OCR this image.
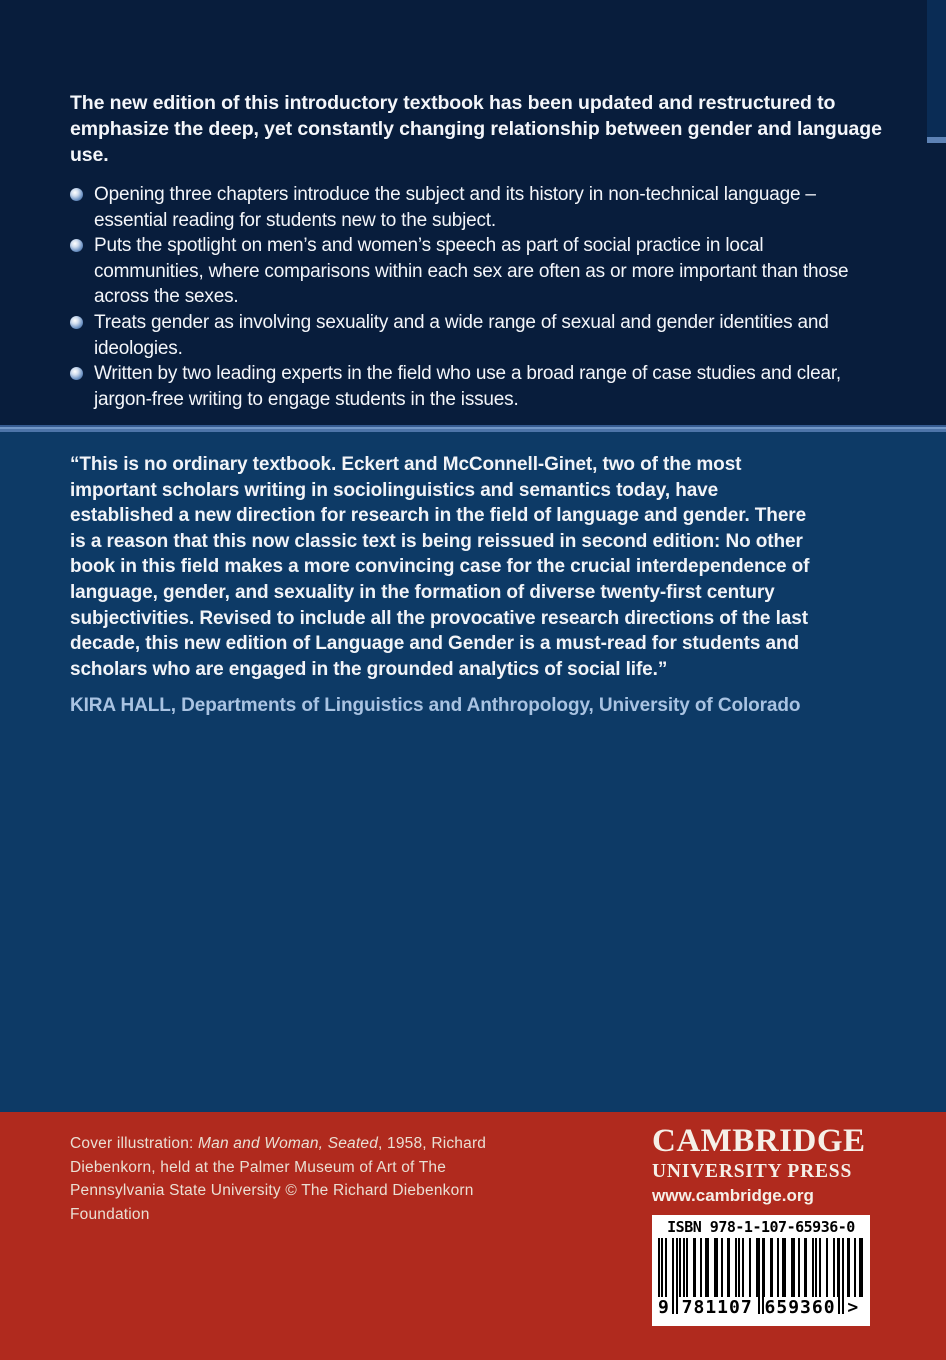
The new edition of this introductory textbook has been updated and restructured to emphasize the deep, yet constantly changing relationship between gender and language use.

Opening three chapters introduce the subject and its history in non-technical language – essential reading for students new to the subject.
Puts the spotlight on men’s and women’s speech as part of social practice in local communities, where comparisons within each sex are often as or more important than those across the sexes.
Treats gender as involving sexuality and a wide range of sexual and gender identities and ideologies.
Written by two leading experts in the field who use a broad range of case studies and clear, jargon-free writing to engage students in the issues.

“This is no ordinary textbook. Eckert and McConnell-Ginet, two of the most important scholars writing in sociolinguistics and semantics today, have established a new direction for research in the field of language and gender. There is a reason that this now classic text is being reissued in second edition: No other book in this field makes a more convincing case for the crucial interdependence of language, gender, and sexuality in the formation of diverse twenty-first century subjectivities. Revised to include all the provocative research directions of the last decade, this new edition of Language and Gender is a must-read for students and scholars who are engaged in the grounded analytics of social life.”

KIRA HALL, Departments of Linguistics and Anthropology, University of Colorado

Cover illustration: Man and Woman, Seated, 1958, Richard Diebenkorn, held at the Palmer Museum of Art of The Pennsylvania State University © The Richard Diebenkorn Foundation

CAMBRIDGE
UNIVERSITY PRESS
www.cambridge.org
ISBN 978-1-107-65936-0
9 781107 659360 >
